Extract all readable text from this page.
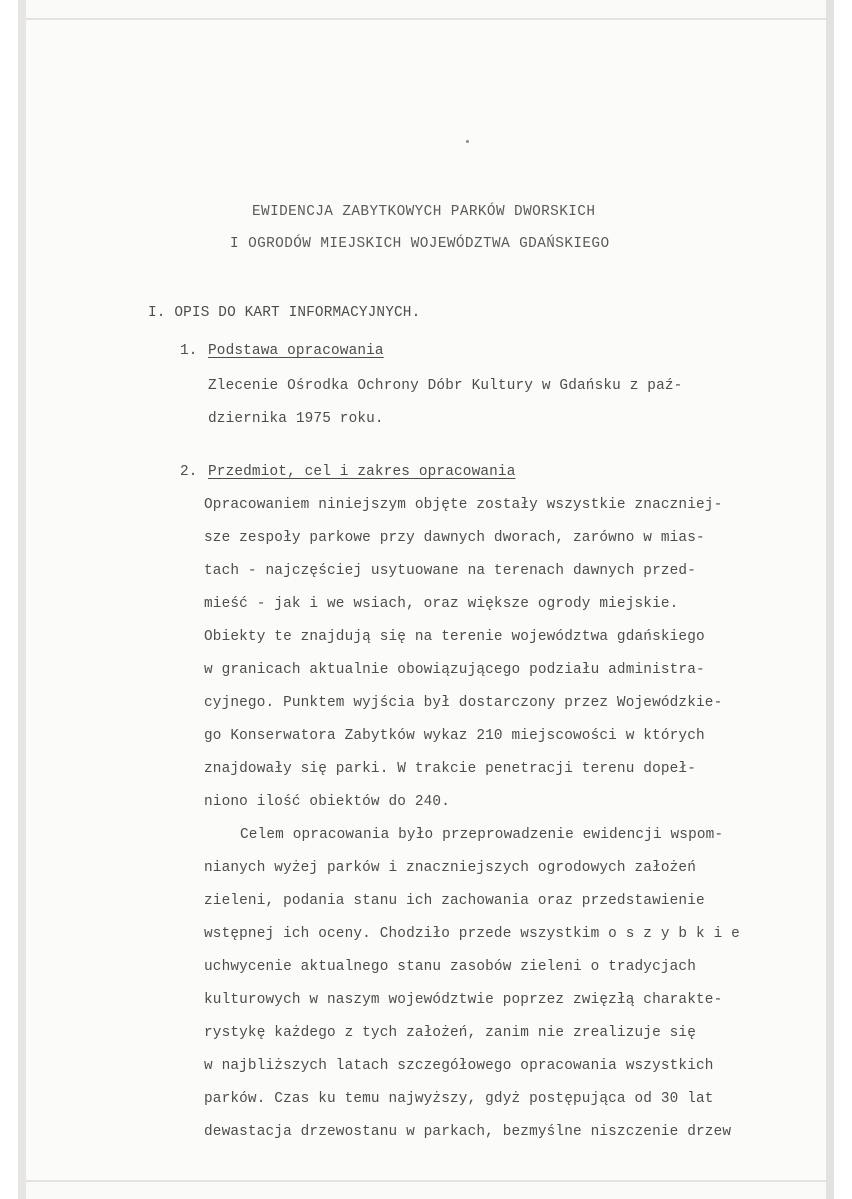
EWIDENCJA ZABYTKOWYCH PARKÓW DWORSKICH

I OGRODÓW MIEJSKICH WOJEWÓDZTWA GDAŃSKIEGO

I. OPIS DO KART INFORMACYJNYCH.

1. Podstawa opracowania

Zlecenie Ośrodka Ochrony Dóbr Kultury w Gdańsku z paź-

dziernika 1975 roku.

2. Przedmiot, cel i zakres opracowania

Opracowaniem niniejszym objęte zostały wszystkie znaczniej-

sze zespoły parkowe przy dawnych dworach, zarówno w mias-

tach - najczęściej usytuowane na terenach dawnych przed-

mieść - jak i we wsiach, oraz większe ogrody miejskie.

Obiekty te znajdują się na terenie województwa gdańskiego

w granicach aktualnie obowiązującego podziału administra-

cyjnego. Punktem wyjścia był dostarczony przez Wojewódzkie-

go Konserwatora Zabytków wykaz 210 miejscowości w których

znajdowały się parki. W trakcie penetracji terenu dopeł-

niono ilość obiektów do 240.

Celem opracowania było przeprowadzenie ewidencji wspom-

nianych wyżej parków i znaczniejszych ogrodowych założeń

zieleni, podania stanu ich zachowania oraz przedstawienie

wstępnej ich oceny. Chodziło przede wszystkim o s z y b k i e

uchwycenie aktualnego stanu zasobów zieleni o tradycjach

kulturowych w naszym województwie poprzez zwięzłą charakte-

rystykę każdego z tych założeń, zanim nie zrealizuje się

w najbliższych latach szczegółowego opracowania wszystkich

parków. Czas ku temu najwyższy, gdyż postępująca od 30 lat

dewastacja drzewostanu w parkach, bezmyślne niszczenie drzew
